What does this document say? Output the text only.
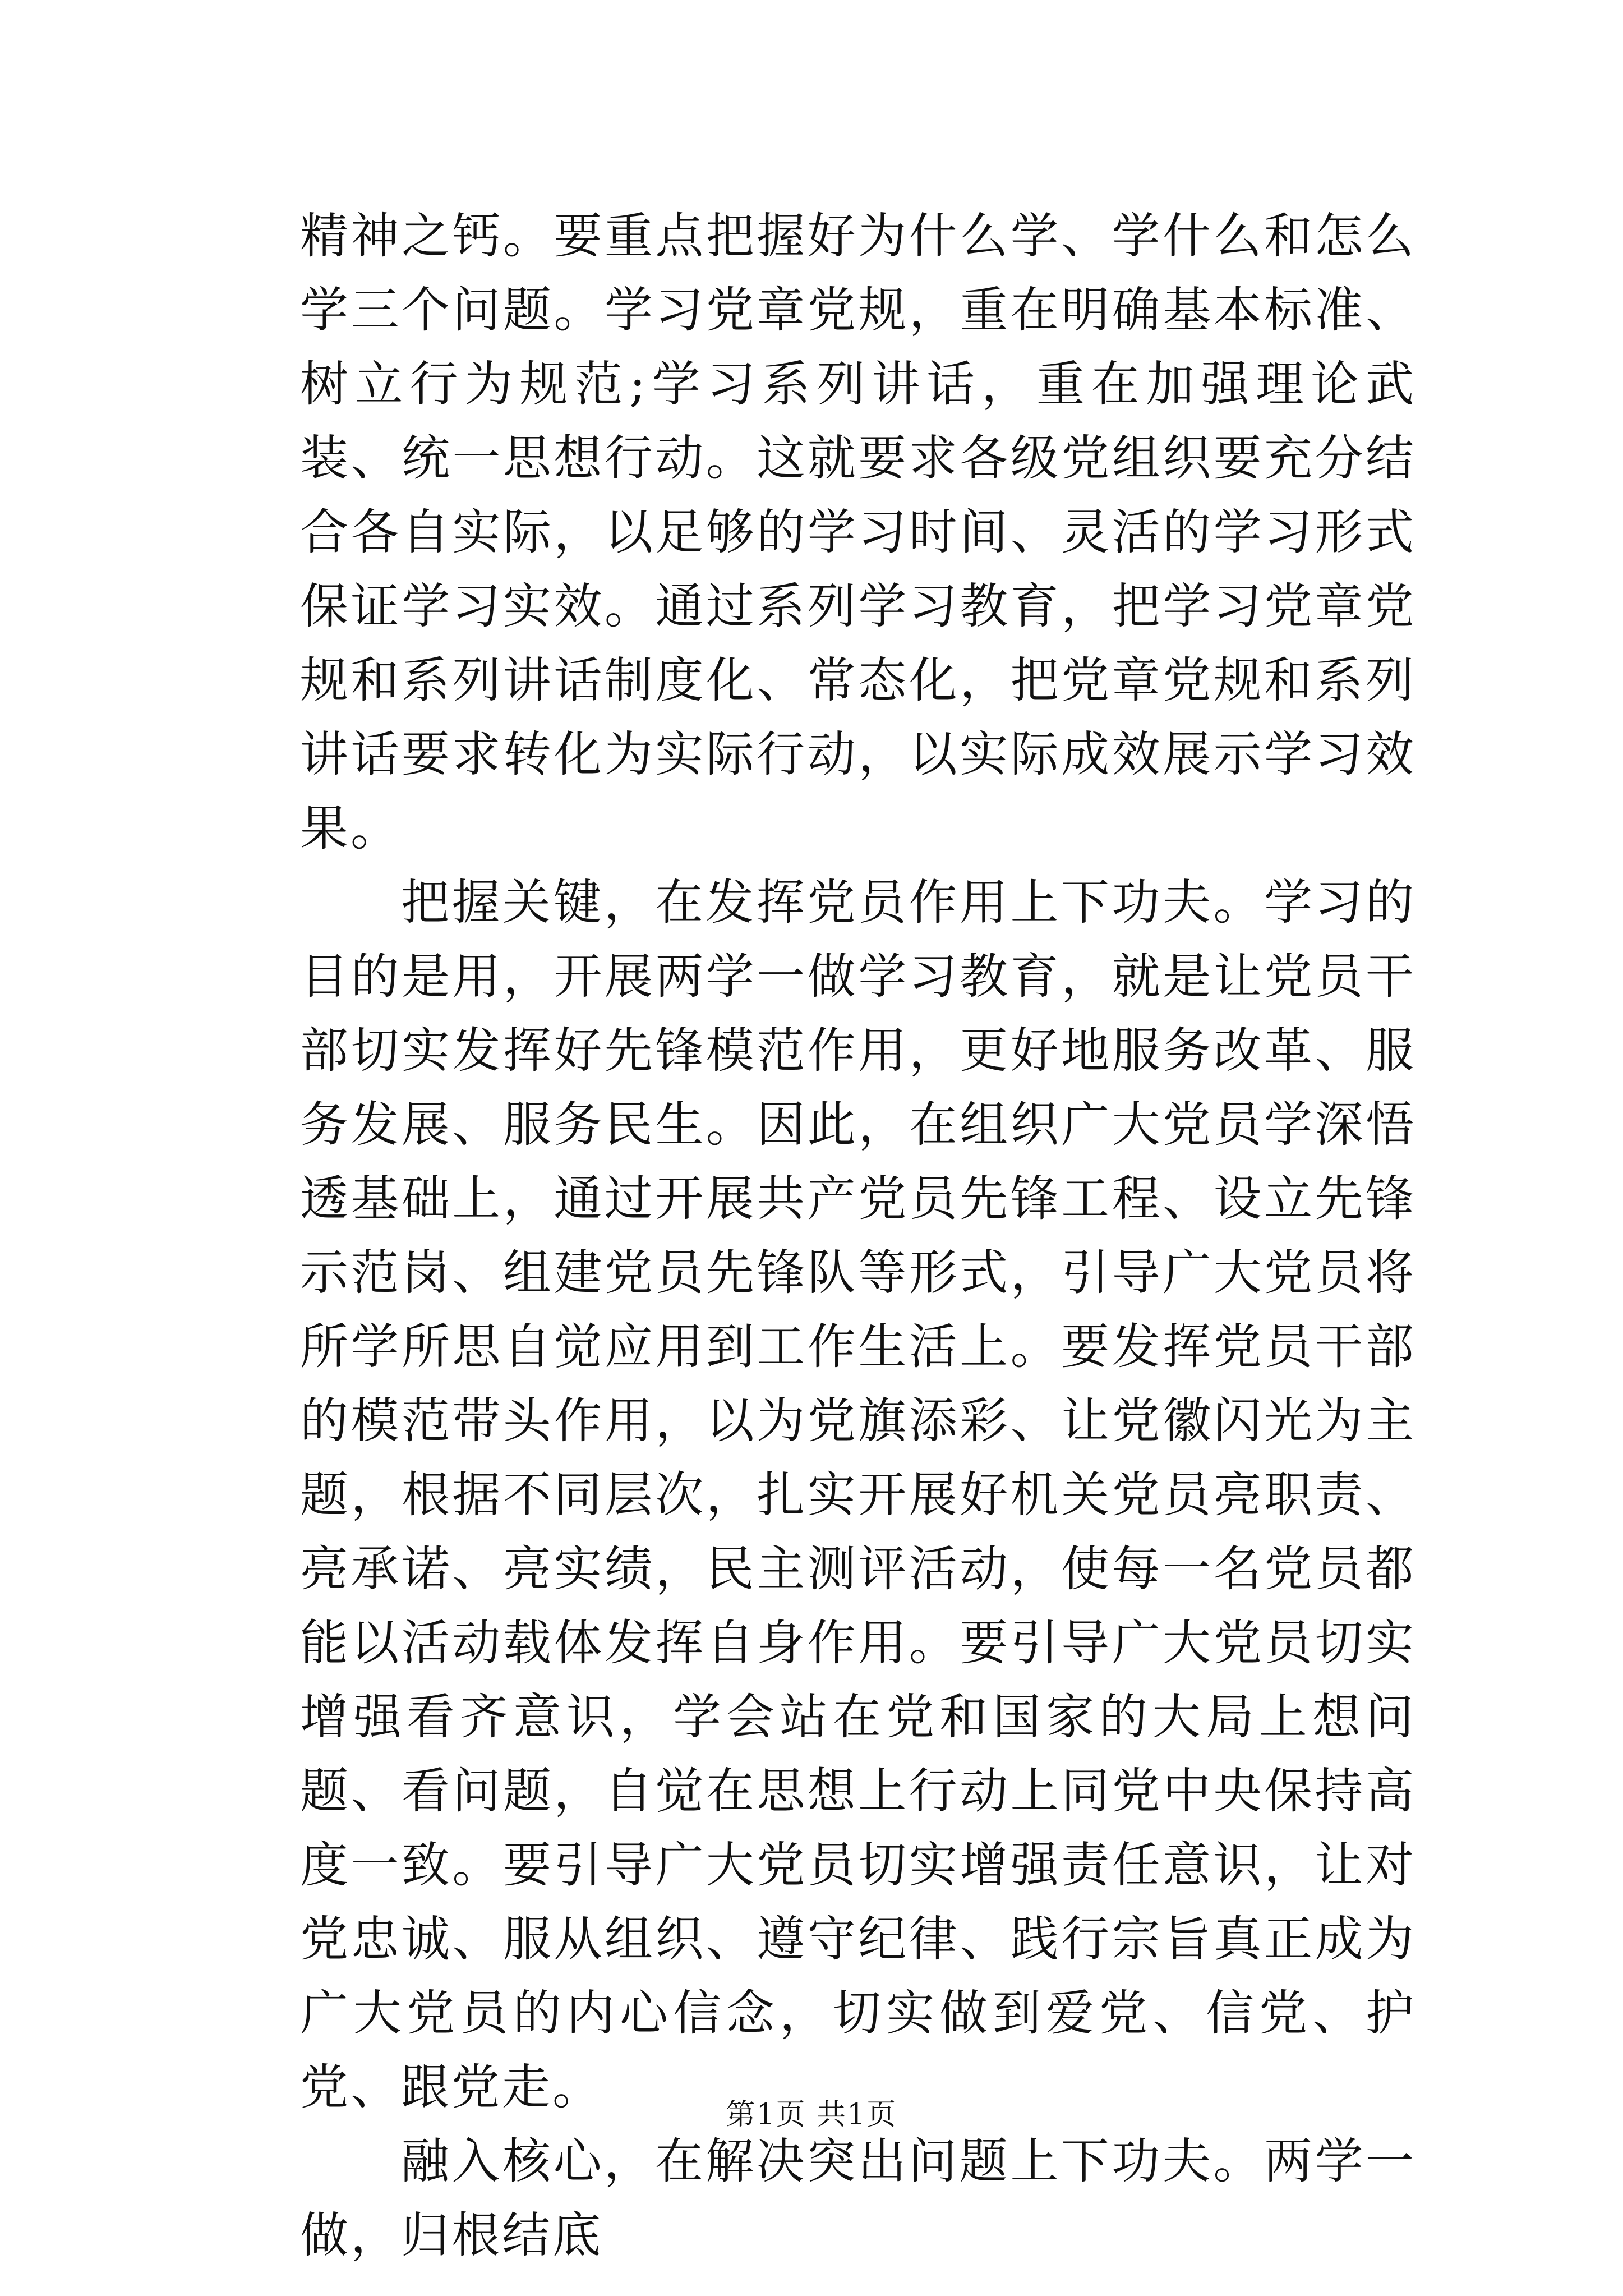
精神之钙。要重点把握好为什么学、学什么和怎么学三个问题。学习党章党规，重在明确基本标准、树立行为规范;学习系列讲话，重在加强理论武装、统一思想行动。这就要求各级党组织要充分结合各自实际，以足够的学习时间、灵活的学习形式保证学习实效。通过系列学习教育，把学习党章党规和系列讲话制度化、常态化，把党章党规和系列讲话要求转化为实际行动，以实际成效展示学习效果。

把握关键，在发挥党员作用上下功夫。学习的目的是用，开展两学一做学习教育，就是让党员干部切实发挥好先锋模范作用，更好地服务改革、服务发展、服务民生。因此，在组织广大党员学深悟透基础上，通过开展共产党员先锋工程、设立先锋示范岗、组建党员先锋队等形式，引导广大党员将所学所思自觉应用到工作生活上。要发挥党员干部的模范带头作用，以为党旗添彩、让党徽闪光为主题，根据不同层次，扎实开展好机关党员亮职责、亮承诺、亮实绩，民主测评活动，使每一名党员都能以活动载体发挥自身作用。要引导广大党员切实增强看齐意识，学会站在党和国家的大局上想问题、看问题，自觉在思想上行动上同党中央保持高度一致。要引导广大党员切实增强责任意识，让对党忠诚、服从组织、遵守纪律、践行宗旨真正成为广大党员的内心信念，切实做到爱党、信党、护党、跟党走。

融入核心，在解决突出问题上下功夫。两学一做，归根结底

第1页 共1页
